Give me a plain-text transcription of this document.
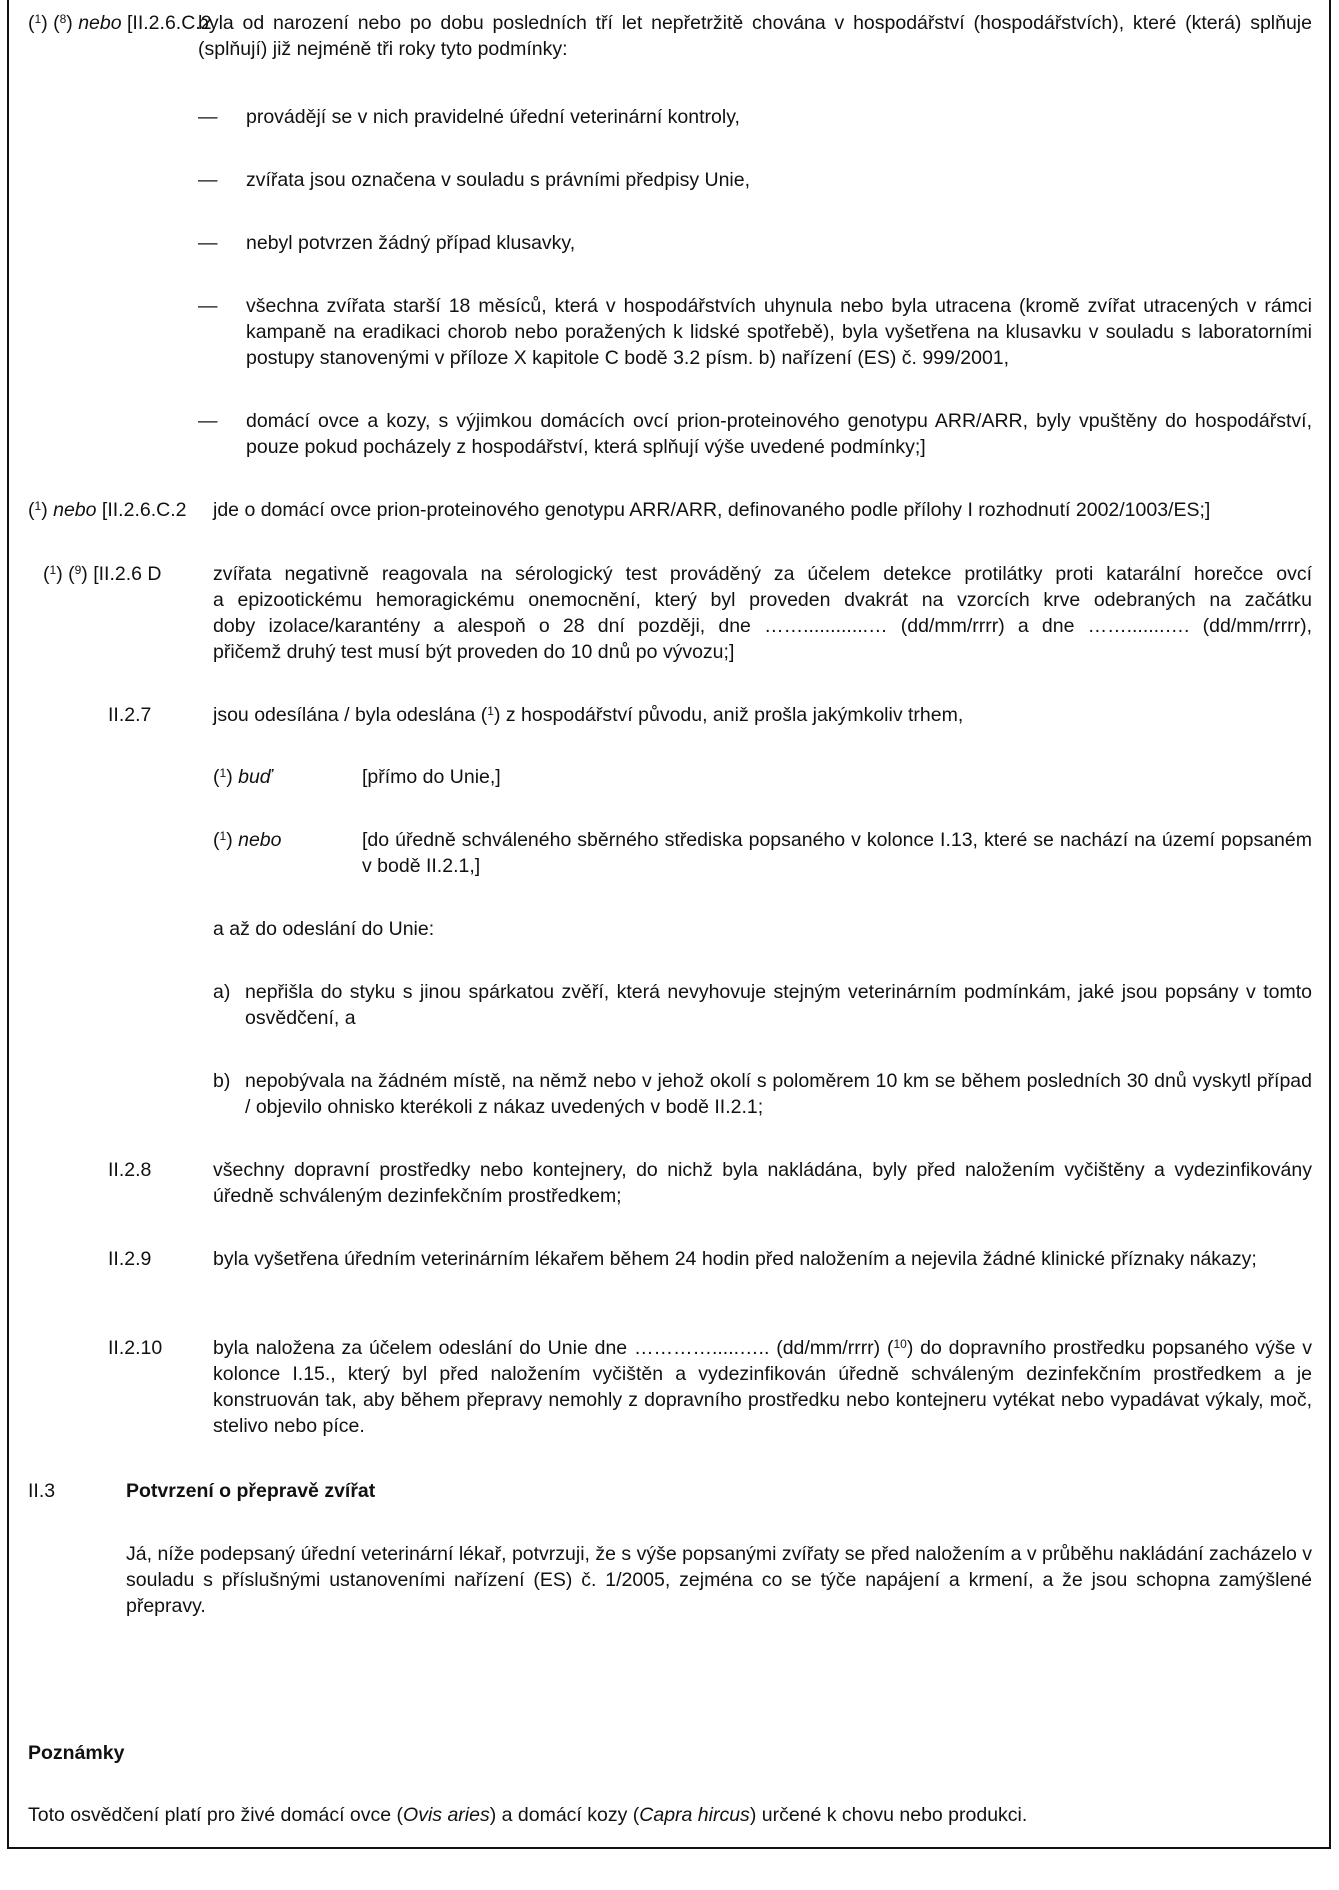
($^1$) ($^8$) nebo [II.2.6.C.2
byla od narození nebo po dobu posledních tří let nepřetržitě chována v hospodářství (hospodářstvích), které (která) splňuje (splňují) již nejméně tři roky tyto podmínky:
— provádějí se v nich pravidelné úřední veterinární kontroly,
— zvířata jsou označena v souladu s právními předpisy Unie,
— nebyl potvrzen žádný případ klusavky,
— všechna zvířata starší 18 měsíců, která v hospodářstvích uhynula nebo byla utracena (kromě zvířat utracených v rámci kampaně na eradikaci chorob nebo poražených k lidské spotřebě), byla vyšetřena na klusavku v souladu s laboratorními postupy stanovenými v příloze X kapitole C bodě 3.2 písm. b) nařízení (ES) č. 999/2001,
— domácí ovce a kozy, s výjimkou domácích ovcí prion-proteinového genotypu ARR/ARR, byly vpuštěny do hospodářství, pouze pokud pocházely z hospodářství, která splňují výše uvedené podmínky;]
($^1$) nebo [II.2.6.C.2 jde o domácí ovce prion-proteinového genotypu ARR/ARR, definovaného podle přílohy I rozhodnutí 2002/1003/ES;]
($^1$) ($^9$) [II.2.6 D	zvířata negativně reagovala na sérologický test prováděný za účelem detekce protilátky proti katarální horečce ovcí
a epizootickému hemoragickému onemocnění, který byl proveden dvakrát na vzorcích krve odebraných na začátku
doby izolace/karantény a alespoň o 28 dní později, dne ……............… (dd/mm/rrrr) a dne …….......…. (dd/mm/rrrr),
přičemž druhý test musí být proveden do 10 dnů po vývozu;]
II.2.7	jsou odesílána / byla odeslána ($^1$) z hospodářství původu, aniž prošla jakýmkoliv trhem,
($^1$) buď	[přímo do Unie,]
($^1$) nebo	[do úředně schváleného sběrného střediska popsaného v kolonce I.13, které se nachází na území popsaném v bodě II.2.1,]
a až do odeslání do Unie:
a) nepřišla do styku s jinou spárkatou zvěří, která nevyhovuje stejným veterinárním podmínkám, jaké jsou popsány v tomto osvědčení, a
b) nepobývala na žádném místě, na němž nebo v jehož okolí s poloměrem 10 km se během posledních 30 dnů vyskytl případ / objevilo ohnisko kterékoli z nákaz uvedených v bodě II.2.1;
II.2.8	všechny dopravní prostředky nebo kontejnery, do nichž byla nakládána, byly před naložením vyčištěny a vydezinfikovány úředně schváleným dezinfekčním prostředkem;
II.2.9	byla vyšetřena úředním veterinárním lékařem během 24 hodin před naložením a nejevila žádné klinické příznaky nákazy;
II.2.10	byla naložena za účelem odeslání do Unie dne ………….....….. (dd/mm/rrrr) ($^{10}$) do dopravního prostředku popsaného výše v kolonce I.15., který byl před naložením vyčištěn a vydezinfikován úředně schváleným dezinfekčním prostředkem a je konstruován tak, aby během přepravy nemohly z dopravního prostředku nebo kontejneru vytékat nebo vypadávat výkaly, moč, stelivo nebo píce.
II.3	Potvrzení o přepravě zvířat
Já, níže podepsaný úřední veterinární lékař, potvrzuji, že s výše popsanými zvířaty se před naložením a v průběhu nakládání zacházelo v souladu s příslušnými ustanoveními nařízení (ES) č. 1/2005, zejména co se týče napájení a krmení, a že jsou schopna zamýšlené přepravy.
Poznámky
Toto osvědčení platí pro živé domácí ovce (Ovis aries) a domácí kozy (Capra hircus) určené k chovu nebo produkci.
